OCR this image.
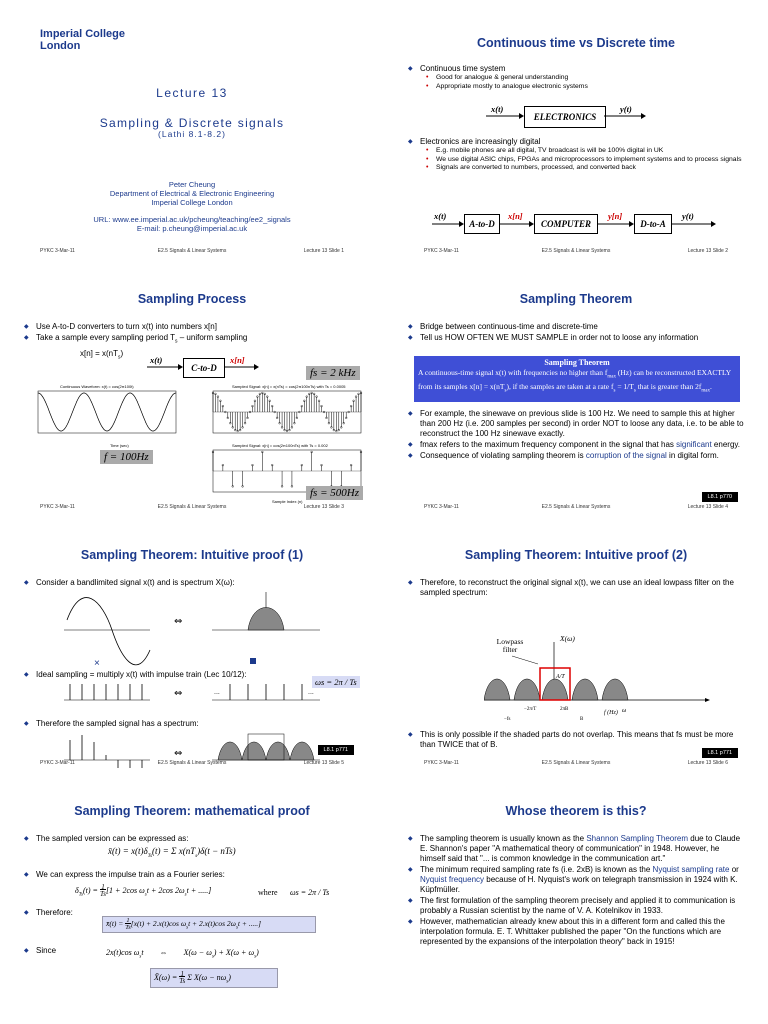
Imperial College
London
Lecture 13
Sampling & Discrete signals
(Lathi 8.1-8.2)
Peter Cheung
Department of Electrical & Electronic Engineering
Imperial College London
URL: www.ee.imperial.ac.uk/pcheung/teaching/ee2_signals
E-mail: p.cheung@imperial.ac.uk
PYKC 3-Mar-11	E2.5 Signals & Linear Systems	Lecture 13 Slide 1
Continuous time vs Discrete time
◆ Continuous time system
• Good for analogue & general understanding
• Appropriate mostly to analogue electronic systems
x(t)
ELECTRONICS
y(t)
◆ Electronics are increasingly digital
• E.g. mobile phones are all digital, TV broadcast is will be 100% digital in UK
• We use digital ASIC chips, FPGAs and microprocessors to implement systems and to process signals
• Signals are converted to numbers, processed, and converted back
x(t)
A-to-D
x[n]
COMPUTER
y[n]
D-to-A
y(t)
PYKC 3-Mar-11	E2.5 Signals & Linear Systems	Lecture 13 Slide 2
Sampling Process
◆ Use A-to-D converters to turn x(t) into numbers x[n]
◆ Take a sample every sampling period $T_s$ – uniform sampling
$x[n] = x(nT_s)$
x(t)
C-to-D
x[n]
fs = 2 kHz
Continuous Waveform: x(t) = cos(2π100t)
Time (sec)
f = 100Hz
Sampled Signal: x[n] = x(nTs) = cos(2π100nTs) with Ts = 0.0005
Sampled Signal: x[n] = cos(2π100nTs) with Ts = 0.002
Sample Index (n)
fs = 500Hz
PYKC 3-Mar-11	E2.5 Signals & Linear Systems	Lecture 13 Slide 3
Sampling Theorem
◆ Bridge between continuous-time and discrete-time
◆ Tell us HOW OFTEN WE MUST SAMPLE in order not to loose any information
Sampling Theorem
A continuous-time signal x(t) with frequencies no higher than $f_{max}$ (Hz) can be reconstructed EXACTLY from its samples $x[n] = x(nT_s)$, if the samples are taken at a rate $f_s = 1/T_s$ that is greater than $2f_{max}$.
◆ For example, the sinewave on previous slide is 100 Hz. We need to sample this at higher than 200 Hz (i.e. 200 samples per second) in order NOT to loose any data, i.e. to be able to reconstruct the 100 Hz sinewave exactly.
◆ fmax refers to the maximum frequency component in the signal that has significant energy.
◆ Consequence of violating sampling theorem is corruption of the signal in digital form.
L8.1 p770
PYKC 3-Mar-11	E2.5 Signals & Linear Systems	Lecture 13 Slide 4
Sampling Theorem: Intuitive proof (1)
◆ Consider a bandlimited signal x(t) and is spectrum X(ω):
×
⇔
⇔
⇔
...	...
◆ Ideal sampling = multiply x(t) with impulse train (Lec 10/12):
ωs = 2π / Ts
◆ Therefore the sampled signal has a spectrum:
L8.1 p771
PYKC 3-Mar-11	E2.5 Signals & Linear Systems	Lecture 13 Slide 5
Sampling Theorem: Intuitive proof (2)
◆ Therefore, to reconstruct the original signal x(t), we can use an ideal lowpass filter on the sampled spectrum:
Lowpass filter
X(ω)
A/T
ω
f (Hz)
−2π/T	2πB
B
−fs
◆ This is only possible if the shaded parts do not overlap. This means that fs must be more than TWICE that of B.
L8.1 p771
PYKC 3-Mar-11	E2.5 Signals & Linear Systems	Lecture 13 Slide 6
Sampling Theorem: mathematical proof
◆ The sampled version can be expressed as:
x̄(t) = $x(t)\delta_{Ts}(t) = \Sigma$ $x(nT_s)\delta(t - nTs)$
◆ We can express the impulse train as a Fourier series:
$\delta_{Ts}(t) = 1$
Ts[1 + 2cos $\omega_st + 2\cos$ $2\omega_st$ + .....]	where ωs = 2π / Ts
◆ Therefore:
x̄(t) = 1
Ts[x(t) + 2.x(t)cos $\omega_st + 2.x(t)\cos$ $2\omega_st$ + .....]
◆ Since	2x(t)cos $\omega_st$        ⇔        $X(\omega - \omega_s) + X(\omega + \omega_s)$
X̄(ω) = 1
Ts Σ $X(\omega - n\omega_s)$
Whose theorem is this?
◆ The sampling theorem is usually known as the Shannon Sampling Theorem due to Claude E. Shannon's paper "A mathematical theory of communication" in 1948. However, he himself said that "... is common knowledge in the communication art."
◆ The minimum required sampling rate fs (i.e. 2xB) is known as the Nyquist sampling rate or Nyquist frequency because of H. Nyquist's work on telegraph transmission in 1924 with K. Küpfmüller.
◆ The first formulation of the sampling theorem precisely and applied it to communication is probably a Russian scientist by the name of V. A. Kotelnikov in 1933.
◆ However, mathematician already knew about this in a different form and called this the interpolation formula. E. T. Whittaker published the paper "On the functions which are represented by the expansions of the interpolation theory" back in 1915!
